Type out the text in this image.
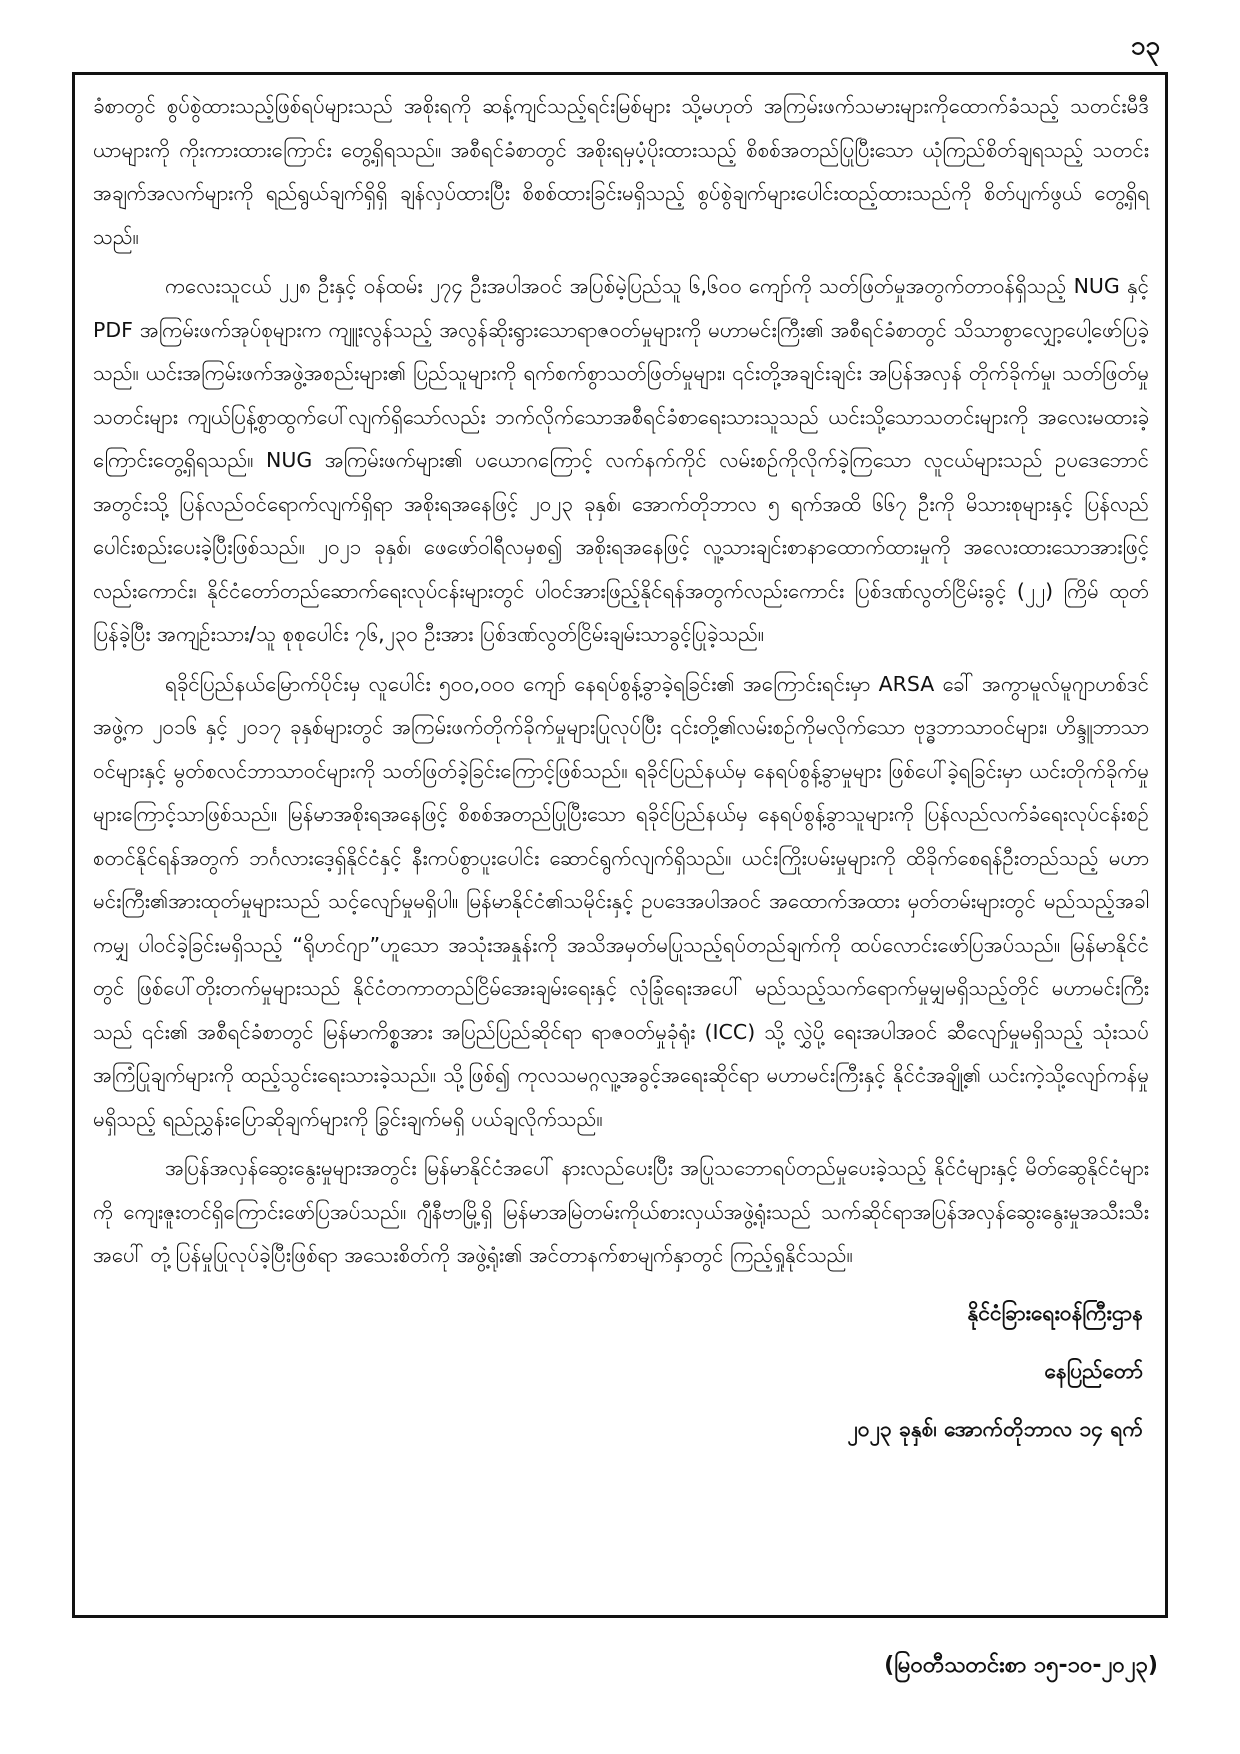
၁၃

ခံစာတွင် စွပ်စွဲထားသည့်ဖြစ်ရပ်များသည် အစိုးရကို ဆန့်ကျင်သည့်ရင်းမြစ်များ သို့မဟုတ် အကြမ်းဖက်သမားများကိုထောက်ခံသည့် သတင်းမီဒီယာများကို ကိုးကားထားကြောင်း တွေ့ရှိရသည်။ အစီရင်ခံစာတွင် အစိုးရမှပံ့ပိုးထားသည့် စိစစ်အတည်ပြုပြီးသော ယုံကြည်စိတ်ချရသည့် သတင်းအချက်အလက်များကို ရည်ရွယ်ချက်ရှိရှိ ချန်လှပ်ထားပြီး စိစစ်ထားခြင်းမရှိသည့် စွပ်စွဲချက်များပေါင်းထည့်ထားသည်ကို စိတ်ပျက်ဖွယ် တွေ့ရှိရသည်။

ကလေးသူငယ် ၂၂၈ ဦးနှင့် ဝန်ထမ်း ၂၇၄ ဦးအပါအဝင် အပြစ်မဲ့ပြည်သူ ၆,၆၀၀ ကျော်ကို သတ်ဖြတ်မှုအတွက်တာဝန်ရှိသည့် NUG နှင့် PDF အကြမ်းဖက်အုပ်စုများက ကျူးလွန်သည့် အလွန်ဆိုးရွားသောရာဇဝတ်မှုများကို မဟာမင်းကြီး၏ အစီရင်ခံစာတွင် သိသာစွာလျှော့ပေါ့ဖော်ပြခဲ့သည်။ ယင်းအကြမ်းဖက်အဖွဲ့အစည်းများ၏ ပြည်သူများကို ရက်စက်စွာသတ်ဖြတ်မှုများ၊ ၎င်းတို့အချင်းချင်း အပြန်အလှန် တိုက်ခိုက်မှု၊ သတ်ဖြတ်မှုသတင်းများ ကျယ်ပြန့်စွာထွက်ပေါ်လျက်ရှိသော်လည်း ဘက်လိုက်သောအစီရင်ခံစာရေးသားသူသည် ယင်းသို့သောသတင်းများကို အလေးမထားခဲ့ကြောင်းတွေ့ရှိရသည်။ NUG အကြမ်းဖက်များ၏ ပယောဂကြောင့် လက်နက်ကိုင် လမ်းစဉ်ကိုလိုက်ခဲ့ကြသော လူငယ်များသည် ဥပဒေဘောင်အတွင်းသို့ ပြန်လည်ဝင်ရောက်လျက်ရှိရာ အစိုးရအနေဖြင့် ၂၀၂၃ ခုနှစ်၊ အောက်တိုဘာလ ၅ ရက်အထိ ၆၆၇ ဦးကို မိသားစုများနှင့် ပြန်လည်ပေါင်းစည်းပေးခဲ့ပြီးဖြစ်သည်။ ၂၀၂၁ ခုနှစ်၊ ဖေဖော်ဝါရီလမှစ၍ အစိုးရအနေဖြင့် လူ့သားချင်းစာနာထောက်ထားမှုကို အလေးထားသောအားဖြင့်လည်းကောင်း၊ နိုင်ငံတော်တည်ဆောက်ရေးလုပ်ငန်းများတွင် ပါဝင်အားဖြည့်နိုင်ရန်အတွက်လည်းကောင်း ပြစ်ဒဏ်လွတ်ငြိမ်းခွင့် (၂၂) ကြိမ် ထုတ်ပြန်ခဲ့ပြီး အကျဉ်းသား/သူ စုစုပေါင်း ၇၆,၂၃၀ ဦးအား ပြစ်ဒဏ်လွတ်ငြိမ်းချမ်းသာခွင့်ပြုခဲ့သည်။

ရခိုင်ပြည်နယ်မြောက်ပိုင်းမှ လူပေါင်း ၅၀၀,၀၀၀ ကျော် နေရပ်စွန့်ခွာခဲ့ရခြင်း၏ အကြောင်းရင်းမှာ ARSA ခေါ် အကွာမူလ်မူဂျာဟစ်ဒင်အဖွဲ့က ၂၀၁၆ နှင့် ၂၀၁၇ ခုနှစ်များတွင် အကြမ်းဖက်တိုက်ခိုက်မှုများပြုလုပ်ပြီး ၎င်းတို့၏လမ်းစဉ်ကိုမလိုက်သော ဗုဒ္ဓဘာသာဝင်များ၊ ဟိန္ဒူဘာသာဝင်များနှင့် မွတ်စလင်ဘာသာဝင်များကို သတ်ဖြတ်ခဲ့ခြင်းကြောင့်ဖြစ်သည်။ ရခိုင်ပြည်နယ်မှ နေရပ်စွန့်ခွာမှုများ ဖြစ်ပေါ်ခဲ့ရခြင်းမှာ ယင်းတိုက်ခိုက်မှုများကြောင့်သာဖြစ်သည်။ မြန်မာအစိုးရအနေဖြင့် စိစစ်အတည်ပြုပြီးသော ရခိုင်ပြည်နယ်မှ နေရပ်စွန့်ခွာသူများကို ပြန်လည်လက်ခံရေးလုပ်ငန်းစဉ် စတင်နိုင်ရန်အတွက် ဘင်္ဂလားဒေ့ရှ်နိုင်ငံနှင့် နီးကပ်စွာပူးပေါင်း ဆောင်ရွက်လျက်ရှိသည်။ ယင်းကြိုးပမ်းမှုများကို ထိခိုက်စေရန်ဦးတည်သည့် မဟာမင်းကြီး၏အားထုတ်မှုများသည် သင့်လျော်မှုမရှိပါ။ မြန်မာနိုင်ငံ၏သမိုင်းနှင့် ဥပဒေအပါအဝင် အထောက်အထား မှတ်တမ်းများတွင် မည်သည့်အခါကမျှ ပါဝင်ခဲ့ခြင်းမရှိသည့် “ရိုဟင်ဂျာ”ဟူသော အသုံးအနှုန်းကို အသိအမှတ်မပြုသည့်ရပ်တည်ချက်ကို ထပ်လောင်းဖော်ပြအပ်သည်။ မြန်မာနိုင်ငံတွင် ဖြစ်ပေါ်တိုးတက်မှုများသည် နိုင်ငံတကာတည်ငြိမ်အေးချမ်းရေးနှင့် လုံခြုံရေးအပေါ် မည်သည့်သက်ရောက်မှုမျှမရှိသည့်တိုင် မဟာမင်းကြီးသည် ၎င်း၏ အစီရင်ခံစာတွင် မြန်မာကိစ္စအား အပြည်ပြည်ဆိုင်ရာ ရာဇဝတ်မှုခုံရုံး (ICC) သို့ လွှဲပို့ ရေးအပါအဝင် ဆီလျော်မှုမရှိသည့် သုံးသပ်အကြံပြုချက်များကို ထည့်သွင်းရေးသားခဲ့သည်။ သို့ဖြစ်၍ ကုလသမဂ္ဂလူ့အခွင့်အရေးဆိုင်ရာ မဟာမင်းကြီးနှင့် နိုင်ငံအချို့၏ ယင်းကဲ့သို့လျော်ကန်မှုမရှိသည့် ရည်ညွှန်းပြောဆိုချက်များကို ခြွင်းချက်မရှိ ပယ်ချလိုက်သည်။

အပြန်အလှန်ဆွေးနွေးမှုများအတွင်း မြန်မာနိုင်ငံအပေါ် နားလည်ပေးပြီး အပြုသဘောရပ်တည်မှုပေးခဲ့သည့် နိုင်ငံများနှင့် မိတ်ဆွေနိုင်ငံများကို ကျေးဇူးတင်ရှိကြောင်းဖော်ပြအပ်သည်။ ဂျီနီဗာမြို့ရှိ မြန်မာအမြဲတမ်းကိုယ်စားလှယ်အဖွဲ့ရုံးသည် သက်ဆိုင်ရာအပြန်အလှန်ဆွေးနွေးမှုအသီးသီးအပေါ် တုံ့ပြန်မှုပြုလုပ်ခဲ့ပြီးဖြစ်ရာ အသေးစိတ်ကို အဖွဲ့ရုံး၏ အင်တာနက်စာမျက်နှာတွင် ကြည့်ရှုနိုင်သည်။

နိုင်ငံခြားရေးဝန်ကြီးဌာန
နေပြည်တော်
၂၀၂၃ ခုနှစ်၊ အောက်တိုဘာလ ၁၄ ရက်
(မြဝတီသတင်းစာ ၁၅-၁၀-၂၀၂၃)
